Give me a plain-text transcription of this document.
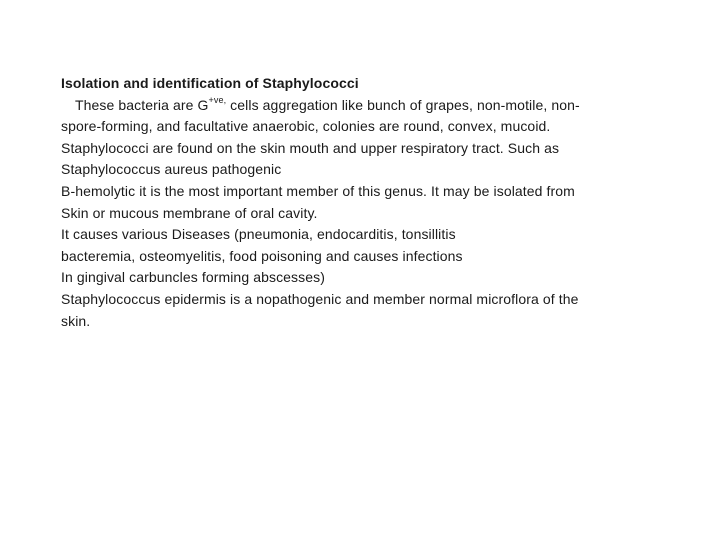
Isolation and identification of Staphylococci
These bacteria are $G^{+ve,}$ cells aggregation like bunch of grapes, non-motile, non-
spore-forming, and facultative anaerobic, colonies are round, convex, mucoid.
Staphylococci are found on the skin mouth and upper respiratory tract. Such as
Staphylococcus aureus pathogenic
B-hemolytic it is the most important member of this genus. It may be isolated from
Skin or mucous membrane of oral cavity.
It causes various Diseases (pneumonia, endocarditis, tonsillitis
bacteremia, osteomyelitis, food poisoning and causes infections
In gingival carbuncles forming abscesses)
Staphylococcus epidermis is a nopathogenic and member normal microflora of the
skin.
